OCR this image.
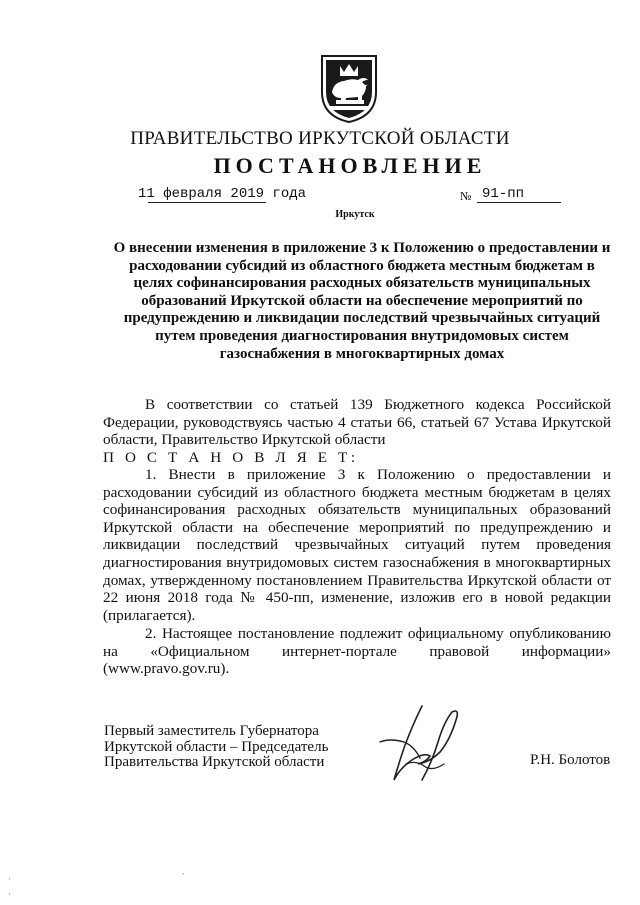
ПРАВИТЕЛЬСТВО ИРКУТСКОЙ ОБЛАСТИ
ПОСТАНОВЛЕНИЕ
11 февраля 2019 года	№ 91-пп
Иркутск
О внесении изменения в приложение 3 к Положению о предоставлении и расходовании субсидий из областного бюджета местным бюджетам в целях софинансирования расходных обязательств муниципальных образований Иркутской области на обеспечение мероприятий по предупреждению и ликвидации последствий чрезвычайных ситуаций путем проведения диагностирования внутридомовых систем газоснабжения в многоквартирных домах
В соответствии со статьей 139 Бюджетного кодекса Российской Федерации, руководствуясь частью 4 статьи 66, статьей 67 Устава Иркутской области, Правительство Иркутской области
П О С Т А Н О В Л Я Е Т:
1. Внести в приложение 3 к Положению о предоставлении и расходовании субсидий из областного бюджета местным бюджетам в целях софинансирования расходных обязательств муниципальных образований Иркутской области на обеспечение мероприятий по предупреждению и ликвидации последствий чрезвычайных ситуаций путем проведения диагностирования внутридомовых систем газоснабжения в многоквартирных домах, утвержденному постановлением Правительства Иркутской области от 22 июня 2018 года № 450-пп, изменение, изложив его в новой редакции (прилагается).
2. Настоящее постановление подлежит официальному опубликованию на «Официальном интернет-портале правовой информации» (www.pravo.gov.ru).
Первый заместитель Губернатора
Иркутской области – Председатель
Правительства Иркутской области	Р.Н. Болотов
·
·
`
